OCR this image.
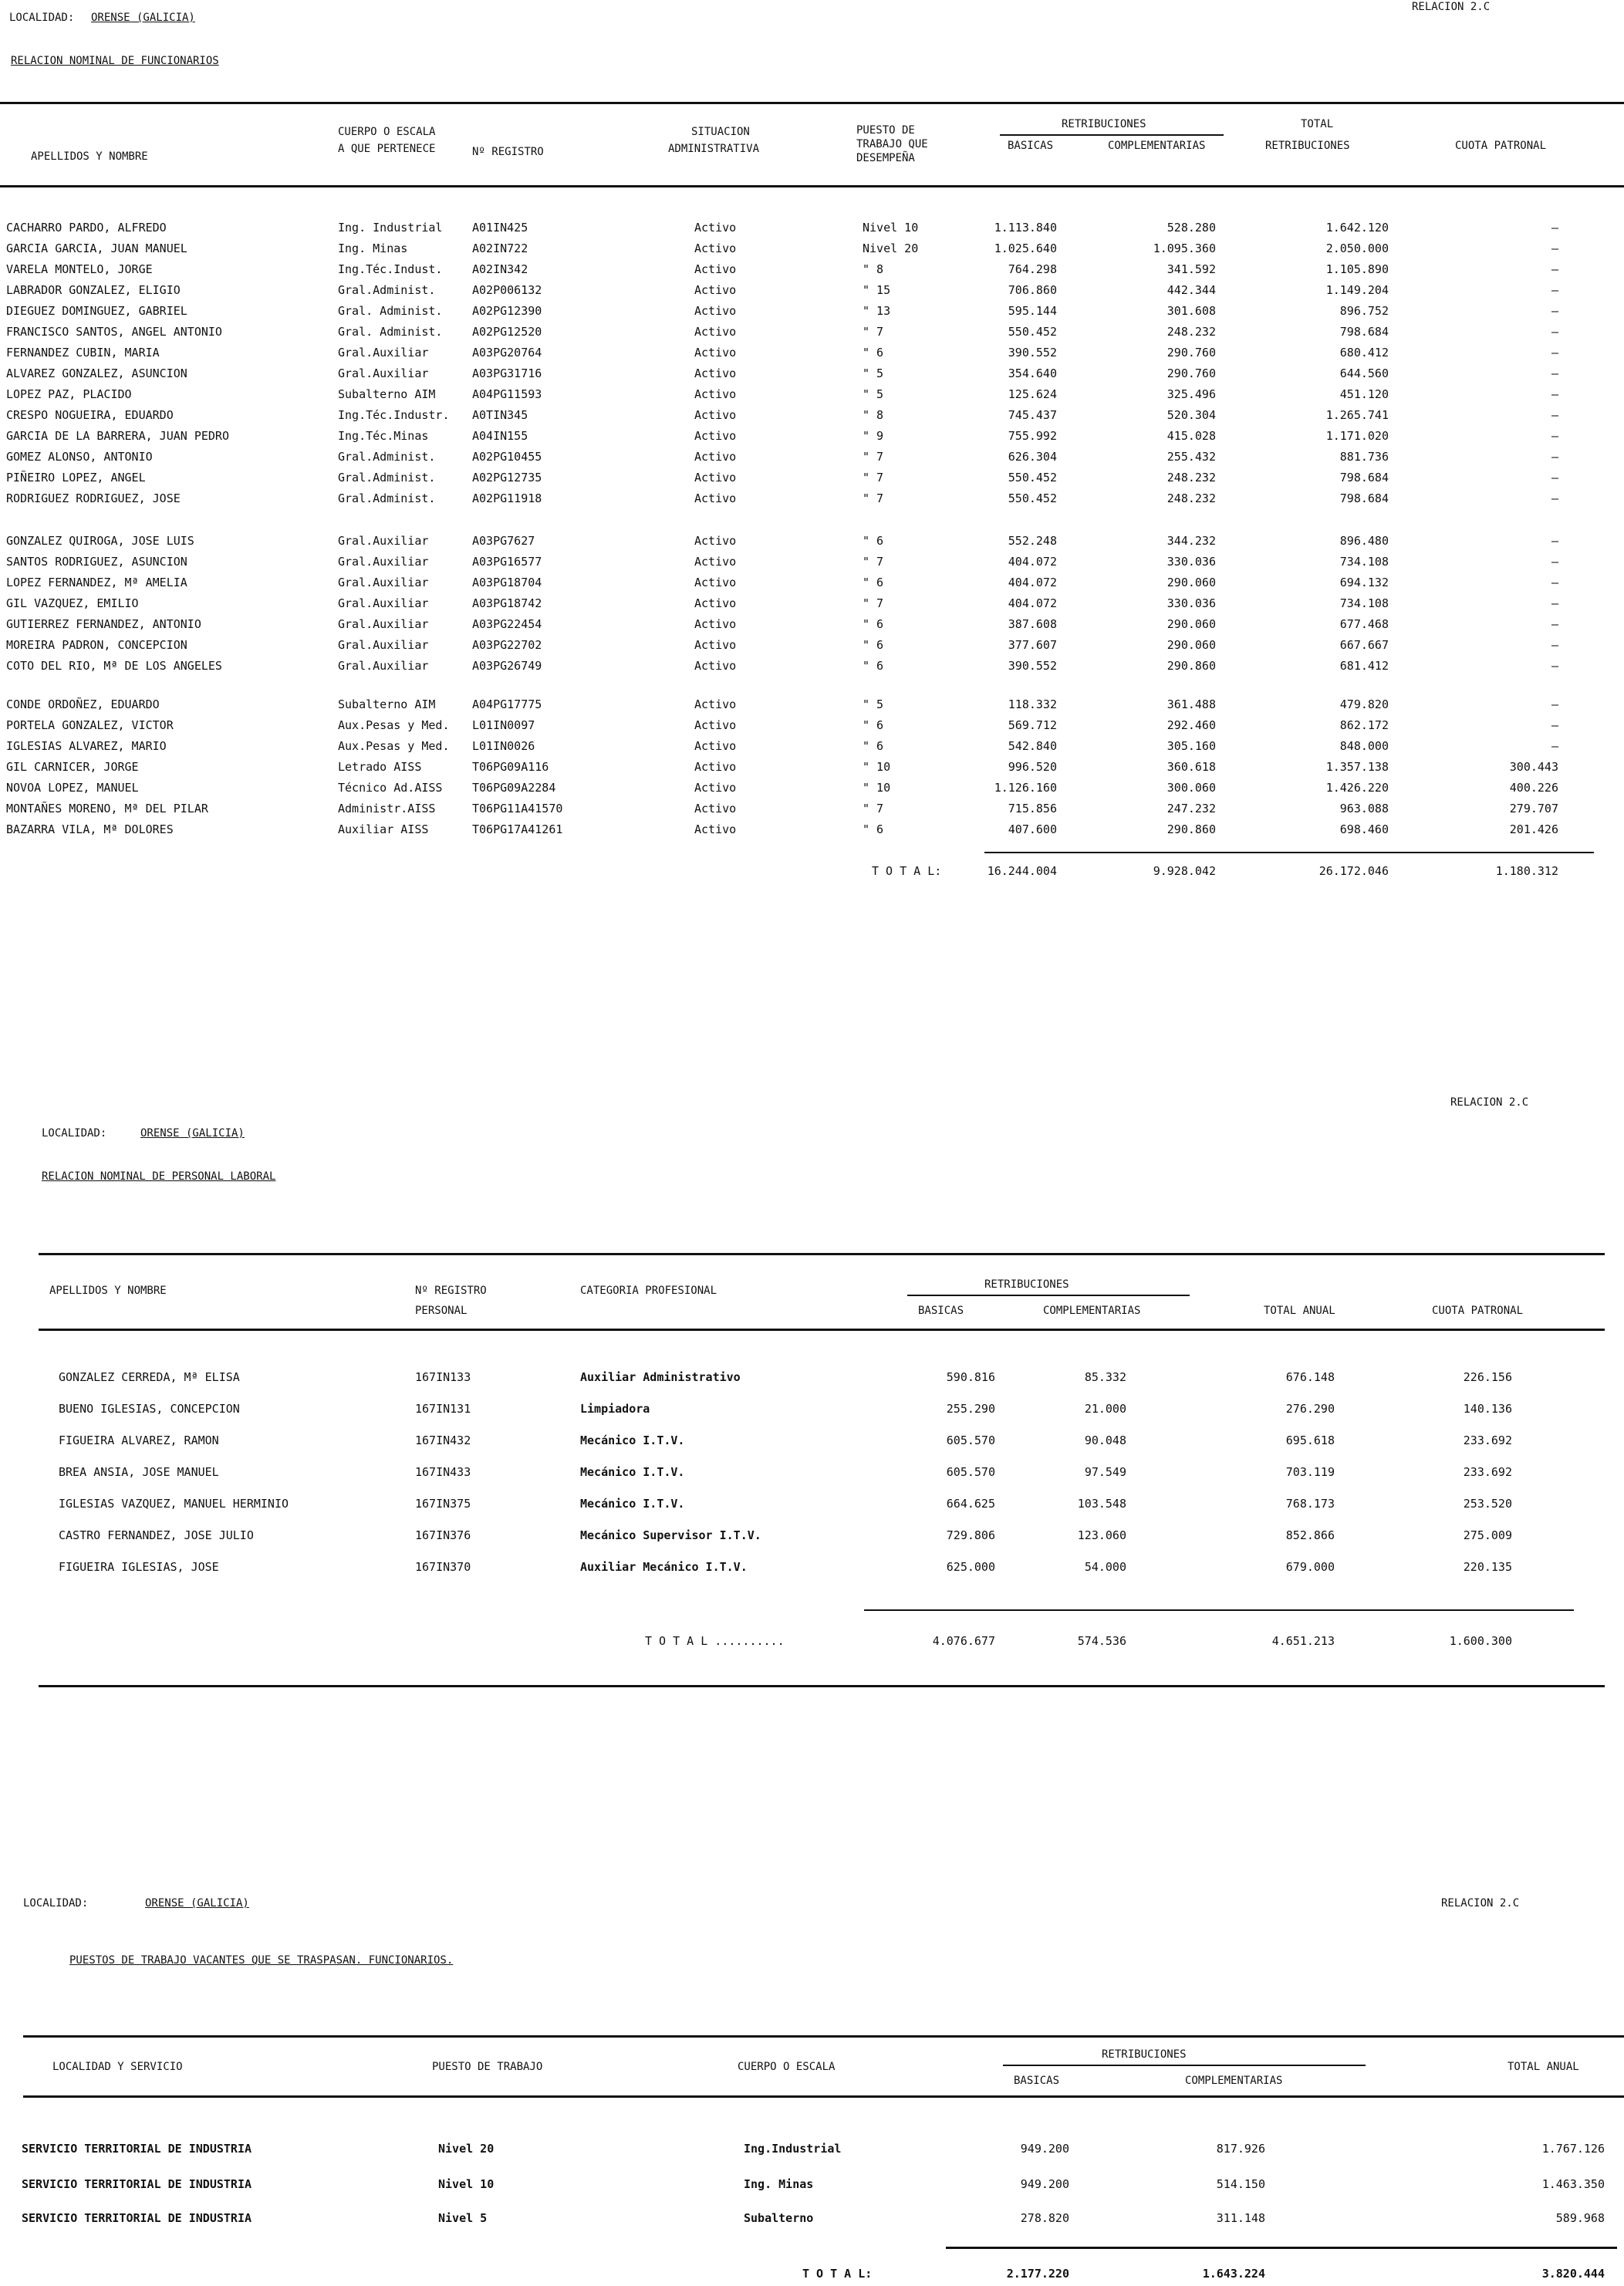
LOCALIDAD: ORENSE (GALICIA)
RELACION 2.C
RELACION NOMINAL DE FUNCIONARIOS
APELLIDOS Y NOMBRE
CUERPO O ESCALA
A QUE PERTENECE	Nº REGISTRO
SITUACION
ADMINISTRATIVA
PUESTO DE
TRABAJO QUE
DESEMPEÑA
RETRIBUCIONES
BASICAS	COMPLEMENTARIAS
TOTAL
RETRIBUCIONES	CUOTA PATRONAL
CACHARRO PARDO, ALFREDO	Ing. Industrial	A01IN425	Activo	Nivel 10	1.113.840	528.280	1.642.120	—
GARCIA GARCIA, JUAN MANUEL	Ing. Minas	A02IN722	Activo	Nivel 20	1.025.640	1.095.360	2.050.000	—
VARELA MONTELO, JORGE	Ing.Téc.Indust.	A02IN342	Activo	" 8	764.298	341.592	1.105.890	—
LABRADOR GONZALEZ, ELIGIO	Gral.Administ.	A02P006132	Activo	" 15	706.860	442.344	1.149.204	—
DIEGUEZ DOMINGUEZ, GABRIEL	Gral. Administ.	A02PG12390	Activo	" 13	595.144	301.608	896.752	—
FRANCISCO SANTOS, ANGEL ANTONIO	Gral. Administ.	A02PG12520	Activo	" 7	550.452	248.232	798.684	—
FERNANDEZ CUBIN, MARIA	Gral.Auxiliar	A03PG20764	Activo	" 6	390.552	290.760	680.412	—
ALVAREZ GONZALEZ, ASUNCION	Gral.Auxiliar	A03PG31716	Activo	" 5	354.640	290.760	644.560	—
LOPEZ PAZ, PLACIDO	Subalterno AIM	A04PG11593	Activo	" 5	125.624	325.496	451.120	—
CRESPO NOGUEIRA, EDUARDO	Ing.Téc.Industr. A0TIN345	Activo	" 8	745.437	520.304	1.265.741	—
GARCIA DE LA BARRERA, JUAN PEDRO	Ing.Téc.Minas	A04IN155	Activo	" 9	755.992	415.028	1.171.020	—
GOMEZ ALONSO, ANTONIO	Gral.Administ.	A02PG10455	Activo	" 7	626.304	255.432	881.736	—
PIÑEIRO LOPEZ, ANGEL	Gral.Administ.	A02PG12735	Activo	" 7	550.452	248.232	798.684	—
RODRIGUEZ RODRIGUEZ, JOSE	Gral.Administ.	A02PG11918	Activo	" 7	550.452	248.232	798.684	—
GONZALEZ QUIROGA, JOSE LUIS	Gral.Auxiliar	A03PG7627	Activo	" 6	552.248	344.232	896.480	—
SANTOS RODRIGUEZ, ASUNCION	Gral.Auxiliar	A03PG16577	Activo	" 7	404.072	330.036	734.108	—
LOPEZ FERNANDEZ, Mª AMELIA	Gral.Auxiliar	A03PG18704	Activo	" 6	404.072	290.060	694.132	—
GIL VAZQUEZ, EMILIO	Gral.Auxiliar	A03PG18742	Activo	" 7	404.072	330.036	734.108	—
GUTIERREZ FERNANDEZ, ANTONIO	Gral.Auxiliar	A03PG22454	Activo	" 6	387.608	290.060	677.468	—
MOREIRA PADRON, CONCEPCION	Gral.Auxiliar	A03PG22702	Activo	" 6	377.607	290.060	667.667	—
COTO DEL RIO, Mª DE LOS ANGELES	Gral.Auxiliar	A03PG26749	Activo	" 6	390.552	290.860	681.412	—
CONDE ORDOÑEZ, EDUARDO	Subalterno AIM	A04PG17775	Activo	" 5	118.332	361.488	479.820	—
PORTELA GONZALEZ, VICTOR	Aux.Pesas y Med. L01IN0097	Activo	" 6	569.712	292.460	862.172	—
IGLESIAS ALVAREZ, MARIO	Aux.Pesas y Med. L01IN0026	Activo	" 6	542.840	305.160	848.000	—
GIL CARNICER, JORGE	Letrado AISS	T06PG09A116	Activo	" 10	996.520	360.618	1.357.138	300.443
NOVOA LOPEZ, MANUEL	Técnico Ad.AISS	T06PG09A2284	Activo	" 10	1.126.160	300.060	1.426.220	400.226
MONTAÑES MORENO, Mª DEL PILAR	Administr.AISS	T06PG11A41570	Activo	" 7	715.856	247.232	963.088	279.707
BAZARRA VILA, Mª DOLORES	Auxiliar AISS	T06PG17A41261	Activo	" 6	407.600	290.860	698.460	201.426
T O T A L:	16.244.004	9.928.042	26.172.046	1.180.312
RELACION 2.C
LOCALIDAD:	ORENSE (GALICIA)
RELACION NOMINAL DE PERSONAL LABORAL
APELLIDOS Y NOMBRE	Nº REGISTRO
PERSONAL
CATEGORIA PROFESIONAL	RETRIBUCIONES
BASICAS	COMPLEMENTARIAS	TOTAL ANUAL	CUOTA PATRONAL
GONZALEZ CERREDA, Mª ELISA	167IN133	Auxiliar Administrativo	590.816	85.332	676.148	226.156
BUENO IGLESIAS, CONCEPCION	167IN131	Limpiadora	255.290	21.000	276.290	140.136
FIGUEIRA ALVAREZ, RAMON	167IN432	Mecánico I.T.V.	605.570	90.048	695.618	233.692
BREA ANSIA, JOSE MANUEL	167IN433	Mecánico I.T.V.	605.570	97.549	703.119	233.692
IGLESIAS VAZQUEZ, MANUEL HERMINIO	167IN375	Mecánico I.T.V.	664.625	103.548	768.173	253.520
CASTRO FERNANDEZ, JOSE JULIO	167IN376	Mecánico Supervisor I.T.V.	729.806	123.060	852.866	275.009
FIGUEIRA IGLESIAS, JOSE	167IN370	Auxiliar Mecánico I.T.V.	625.000	54.000	679.000	220.135
T O T A L ..........	4.076.677	574.536	4.651.213	1.600.300
LOCALIDAD:	ORENSE (GALICIA)	RELACION 2.C
PUESTOS DE TRABAJO VACANTES QUE SE TRASPASAN. FUNCIONARIOS.
LOCALIDAD Y SERVICIO	PUESTO DE TRABAJO	CUERPO O ESCALA
RETRIBUCIONES
BASICAS	COMPLEMENTARIAS
TOTAL ANUAL
SERVICIO TERRITORIAL DE INDUSTRIA	Nivel 20	Ing.Industrial	949.200	817.926	1.767.126
SERVICIO TERRITORIAL DE INDUSTRIA	Nivel 10	Ing. Minas	949.200	514.150	1.463.350
SERVICIO TERRITORIAL DE INDUSTRIA	Nivel 5	Subalterno	278.820	311.148	589.968
T O T A L:	2.177.220	1.643.224	3.820.444
